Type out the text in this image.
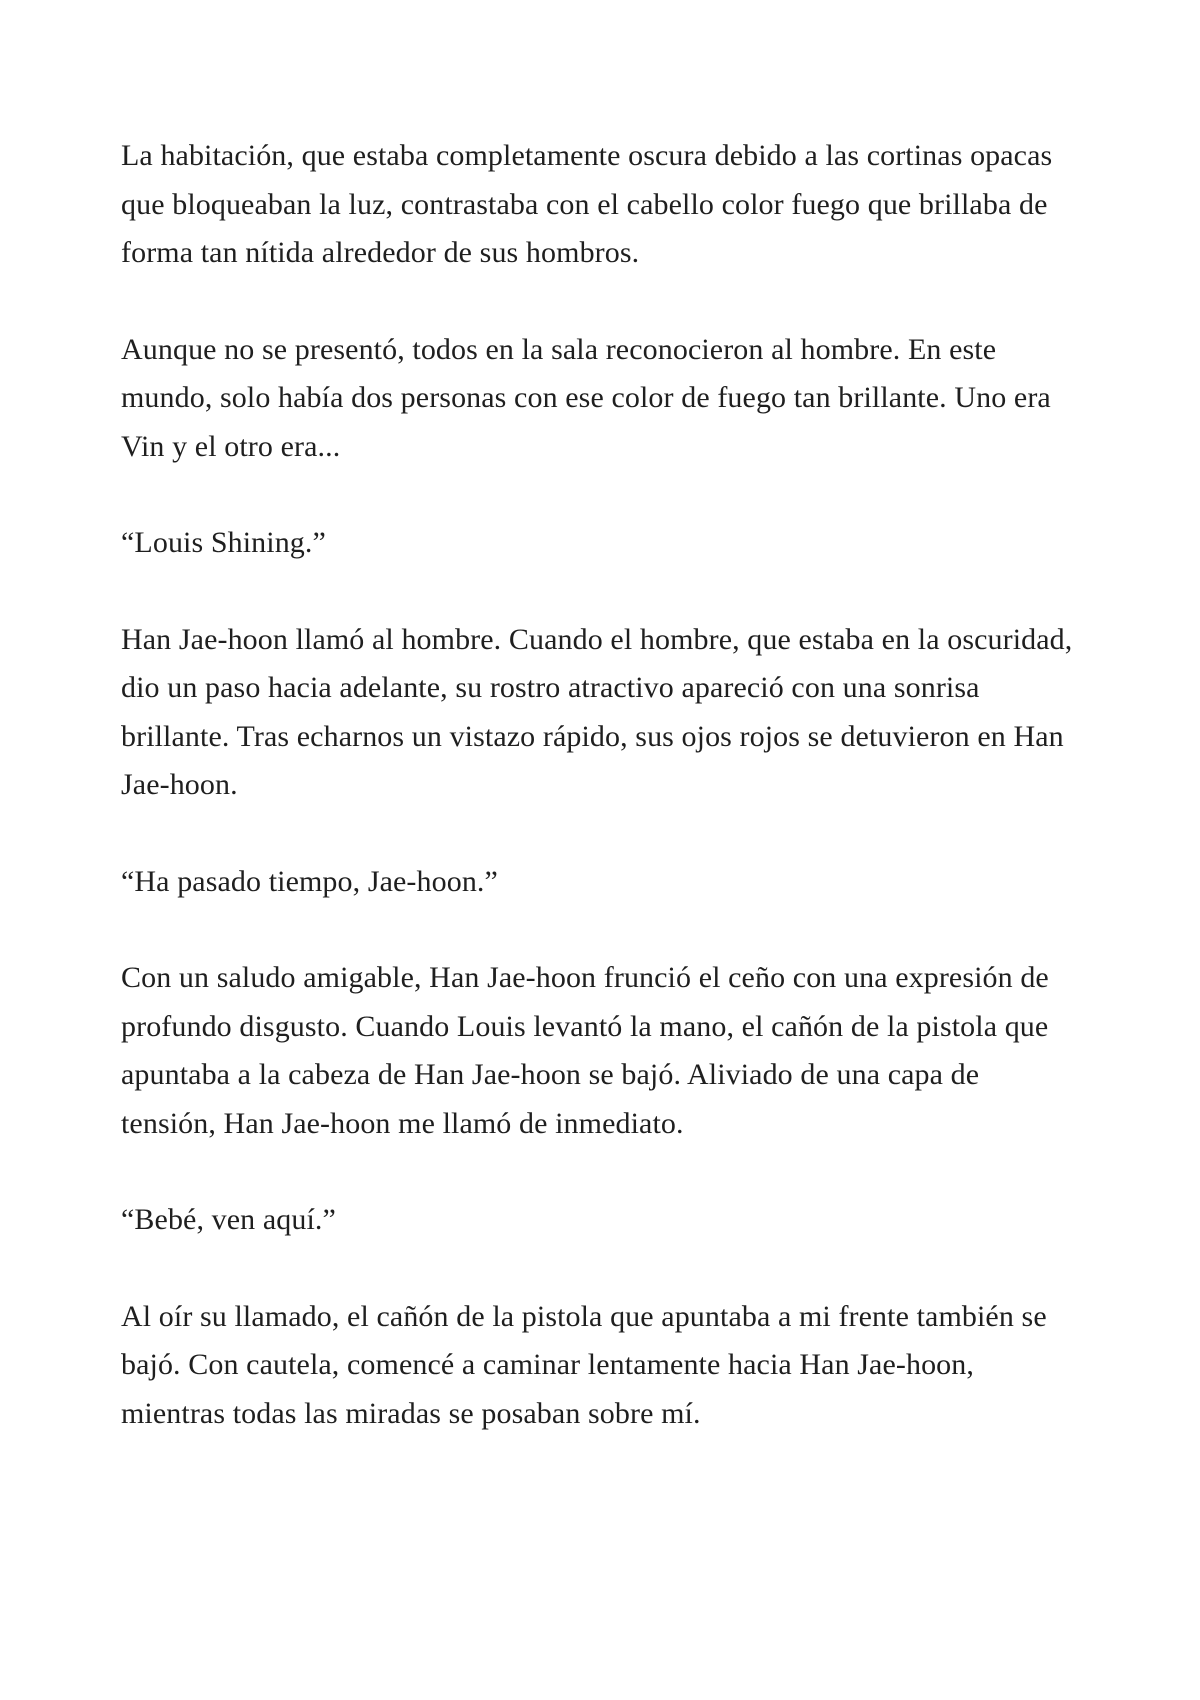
La habitación, que estaba completamente oscura debido a las cortinas opacas que bloqueaban la luz, contrastaba con el cabello color fuego que brillaba de forma tan nítida alrededor de sus hombros.

Aunque no se presentó, todos en la sala reconocieron al hombre. En este mundo, solo había dos personas con ese color de fuego tan brillante. Uno era Vin y el otro era...

“Louis Shining.”

Han Jae-hoon llamó al hombre. Cuando el hombre, que estaba en la oscuridad, dio un paso hacia adelante, su rostro atractivo apareció con una sonrisa brillante. Tras echarnos un vistazo rápido, sus ojos rojos se detuvieron en Han Jae-hoon.

“Ha pasado tiempo, Jae-hoon.”

Con un saludo amigable, Han Jae-hoon frunció el ceño con una expresión de profundo disgusto. Cuando Louis levantó la mano, el cañón de la pistola que apuntaba a la cabeza de Han Jae-hoon se bajó. Aliviado de una capa de tensión, Han Jae-hoon me llamó de inmediato.

“Bebé, ven aquí.”

Al oír su llamado, el cañón de la pistola que apuntaba a mi frente también se bajó. Con cautela, comencé a caminar lentamente hacia Han Jae-hoon, mientras todas las miradas se posaban sobre mí.
